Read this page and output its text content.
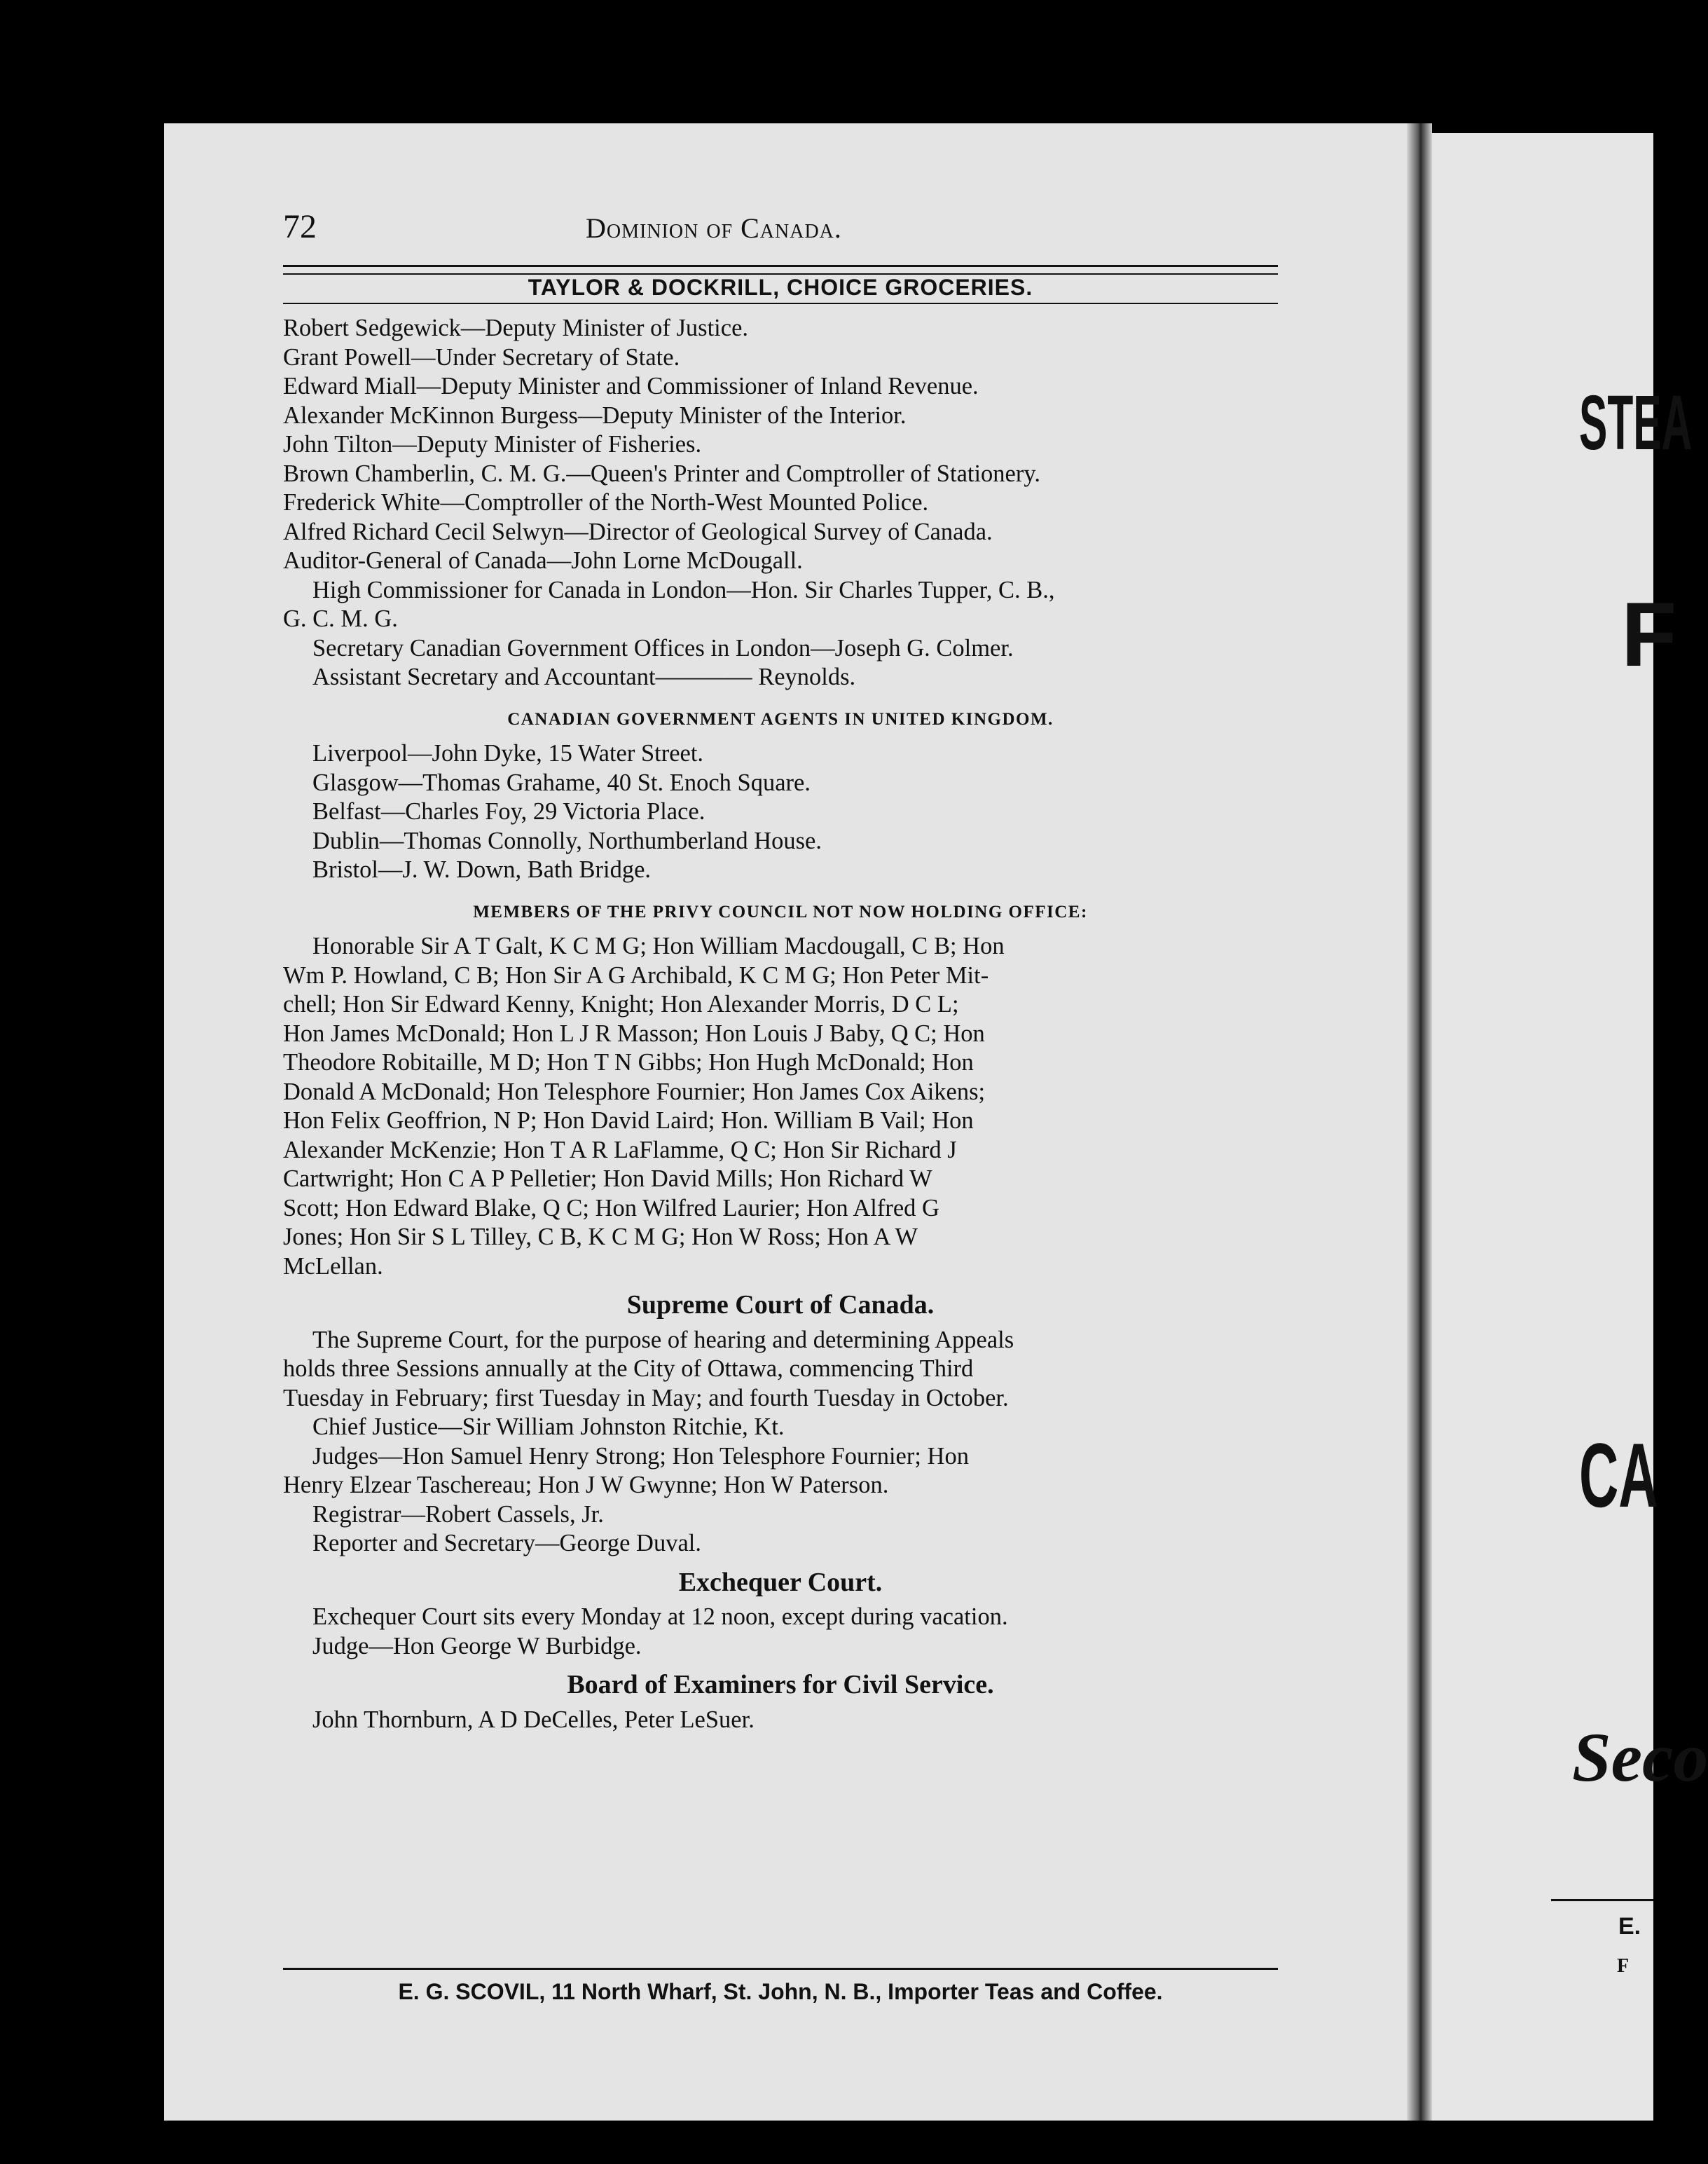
72	Dominion of Canada.
TAYLOR & DOCKRILL, CHOICE GROCERIES.
Robert Sedgewick—Deputy Minister of Justice.
Grant Powell—Under Secretary of State.
Edward Miall—Deputy Minister and Commissioner of Inland Revenue.
Alexander McKinnon Burgess—Deputy Minister of the Interior.
John Tilton—Deputy Minister of Fisheries.
Brown Chamberlin, C. M. G.—Queen's Printer and Comptroller of Stationery.
Frederick White—Comptroller of the North-West Mounted Police.
Alfred Richard Cecil Selwyn—Director of Geological Survey of Canada.
Auditor-General of Canada—John Lorne McDougall.
High Commissioner for Canada in London—Hon. Sir Charles Tupper, C. B.,
G. C. M. G.
Secretary Canadian Government Offices in London—Joseph G. Colmer.
Assistant Secretary and Accountant———— Reynolds.
CANADIAN GOVERNMENT AGENTS IN UNITED KINGDOM.
Liverpool—John Dyke, 15 Water Street.
Glasgow—Thomas Grahame, 40 St. Enoch Square.
Belfast—Charles Foy, 29 Victoria Place.
Dublin—Thomas Connolly, Northumberland House.
Bristol—J. W. Down, Bath Bridge.
MEMBERS OF THE PRIVY COUNCIL NOT NOW HOLDING OFFICE:
Honorable Sir A T Galt, K C M G; Hon William Macdougall, C B; Hon
Wm P. Howland, C B; Hon Sir A G Archibald, K C M G; Hon Peter Mit-
chell; Hon Sir Edward Kenny, Knight; Hon Alexander Morris, D C L;
Hon James McDonald; Hon L J R Masson; Hon Louis J Baby, Q C; Hon
Theodore Robitaille, M D; Hon T N Gibbs; Hon Hugh McDonald; Hon
Donald A McDonald; Hon Telesphore Fournier; Hon James Cox Aikens;
Hon Felix Geoffrion, N P; Hon David Laird; Hon. William B Vail; Hon
Alexander McKenzie; Hon T A R LaFlamme, Q C; Hon Sir Richard J
Cartwright; Hon C A P Pelletier; Hon David Mills; Hon Richard W
Scott; Hon Edward Blake, Q C; Hon Wilfred Laurier; Hon Alfred G
Jones; Hon Sir S L Tilley, C B, K C M G; Hon W Ross; Hon A W
McLellan.
Supreme Court of Canada.
The Supreme Court, for the purpose of hearing and determining Appeals
holds three Sessions annually at the City of Ottawa, commencing Third
Tuesday in February; first Tuesday in May; and fourth Tuesday in October.
Chief Justice—Sir William Johnston Ritchie, Kt.
Judges—Hon Samuel Henry Strong; Hon Telesphore Fournier; Hon
Henry Elzear Taschereau; Hon J W Gwynne; Hon W Paterson.
Registrar—Robert Cassels, Jr.
Reporter and Secretary—George Duval.
Exchequer Court.
Exchequer Court sits every Monday at 12 noon, except during vacation.
Judge—Hon George W Burbidge.
Board of Examiners for Civil Service.
John Thornburn, A D DeCelles, Peter LeSuer.
E. G. SCOVIL, 11 North Wharf, St. John, N. B., Importer Teas and Coffee.
STEA
F
CA
Seco
E.
F
